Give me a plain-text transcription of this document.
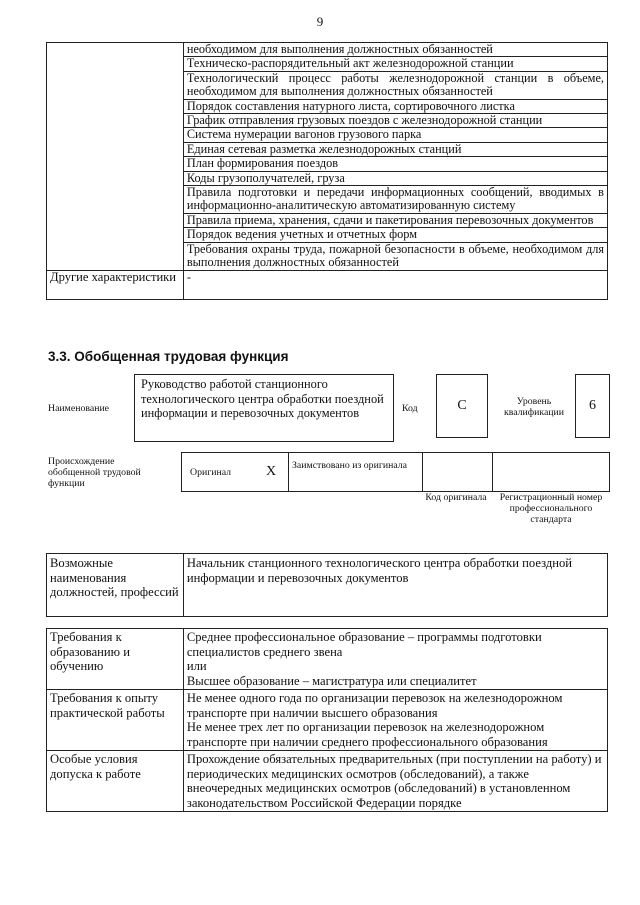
9
	необходимом для выполнения должностных обязанностей
	Техническо-распорядительный акт железнодорожной станции
	Технологический процесс работы железнодорожной станции в объеме, необходимом для выполнения должностных обязанностей
	Порядок составления натурного листа, сортировочного листка
	График отправления грузовых поездов с железнодорожной станции
	Система нумерации вагонов грузового парка
	Единая сетевая разметка железнодорожных станций
	План формирования поездов
	Коды грузополучателей, груза
	Правила подготовки и передачи информационных сообщений, вводимых в информационно-аналитическую автоматизированную систему
	Правила приема, хранения, сдачи и пакетирования перевозочных документов
	Порядок ведения учетных и отчетных форм
	Требования охраны труда, пожарной безопасности в объеме, необходимом для выполнения должностных обязанностей
Другие характеристики	-
3.3. Обобщенная трудовая функция
Наименование
Руководство работой станционного технологического центра обработки поездной информации и перевозочных документов	Код	C	Уровень квалификации	6
Происхождение обобщенной трудовой функции
Оригинал X Заимствовано из оригинала
Код оригинала Регистрационный номер профессионального стандарта
Возможные наименования должностей, профессий	Начальник станционного технологического центра обработки поездной информации и перевозочных документов
Требования к образованию и обучению	Среднее профессиональное образование – программы подготовки специалистов среднего звена
или
Высшее образование – магистратура или специалитет

Требования к опыту практической работы	Не менее одного года по организации перевозок на железнодорожном транспорте при наличии высшего образования
Не менее трех лет по организации перевозок на железнодорожном транспорте при наличии среднего профессионального образования

Особые условия допуска к работе	Прохождение обязательных предварительных (при поступлении на работу) и периодических медицинских осмотров (обследований), а также внеочередных медицинских осмотров (обследований) в установленном законодательством Российской Федерации порядке
